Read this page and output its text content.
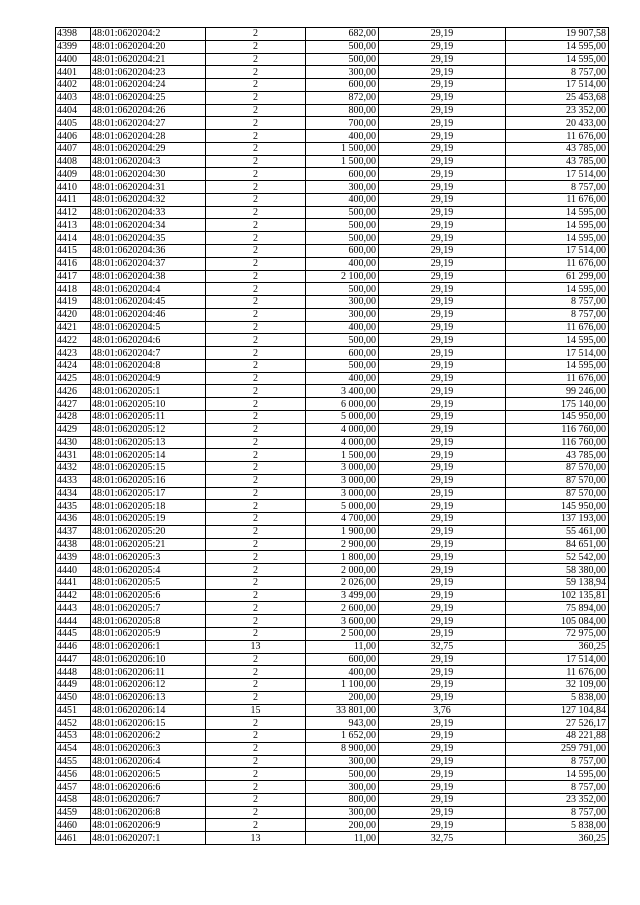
4398	48:01:0620204:2	2	682,00	29,19	19 907,58
4399	48:01:0620204:20	2	500,00	29,19	14 595,00
4400	48:01:0620204:21	2	500,00	29,19	14 595,00
4401	48:01:0620204:23	2	300,00	29,19	8 757,00
4402	48:01:0620204:24	2	600,00	29,19	17 514,00
4403	48:01:0620204:25	2	872,00	29,19	25 453,68
4404	48:01:0620204:26	2	800,00	29,19	23 352,00
4405	48:01:0620204:27	2	700,00	29,19	20 433,00
4406	48:01:0620204:28	2	400,00	29,19	11 676,00
4407	48:01:0620204:29	2	1 500,00	29,19	43 785,00
4408	48:01:0620204:3	2	1 500,00	29,19	43 785,00
4409	48:01:0620204:30	2	600,00	29,19	17 514,00
4410	48:01:0620204:31	2	300,00	29,19	8 757,00
4411	48:01:0620204:32	2	400,00	29,19	11 676,00
4412	48:01:0620204:33	2	500,00	29,19	14 595,00
4413	48:01:0620204:34	2	500,00	29,19	14 595,00
4414	48:01:0620204:35	2	500,00	29,19	14 595,00
4415	48:01:0620204:36	2	600,00	29,19	17 514,00
4416	48:01:0620204:37	2	400,00	29,19	11 676,00
4417	48:01:0620204:38	2	2 100,00	29,19	61 299,00
4418	48:01:0620204:4	2	500,00	29,19	14 595,00
4419	48:01:0620204:45	2	300,00	29,19	8 757,00
4420	48:01:0620204:46	2	300,00	29,19	8 757,00
4421	48:01:0620204:5	2	400,00	29,19	11 676,00
4422	48:01:0620204:6	2	500,00	29,19	14 595,00
4423	48:01:0620204:7	2	600,00	29,19	17 514,00
4424	48:01:0620204:8	2	500,00	29,19	14 595,00
4425	48:01:0620204:9	2	400,00	29,19	11 676,00
4426	48:01:0620205:1	2	3 400,00	29,19	99 246,00
4427	48:01:0620205:10	2	6 000,00	29,19	175 140,00
4428	48:01:0620205:11	2	5 000,00	29,19	145 950,00
4429	48:01:0620205:12	2	4 000,00	29,19	116 760,00
4430	48:01:0620205:13	2	4 000,00	29,19	116 760,00
4431	48:01:0620205:14	2	1 500,00	29,19	43 785,00
4432	48:01:0620205:15	2	3 000,00	29,19	87 570,00
4433	48:01:0620205:16	2	3 000,00	29,19	87 570,00
4434	48:01:0620205:17	2	3 000,00	29,19	87 570,00
4435	48:01:0620205:18	2	5 000,00	29,19	145 950,00
4436	48:01:0620205:19	2	4 700,00	29,19	137 193,00
4437	48:01:0620205:20	2	1 900,00	29,19	55 461,00
4438	48:01:0620205:21	2	2 900,00	29,19	84 651,00
4439	48:01:0620205:3	2	1 800,00	29,19	52 542,00
4440	48:01:0620205:4	2	2 000,00	29,19	58 380,00
4441	48:01:0620205:5	2	2 026,00	29,19	59 138,94
4442	48:01:0620205:6	2	3 499,00	29,19	102 135,81
4443	48:01:0620205:7	2	2 600,00	29,19	75 894,00
4444	48:01:0620205:8	2	3 600,00	29,19	105 084,00
4445	48:01:0620205:9	2	2 500,00	29,19	72 975,00
4446	48:01:0620206:1	13	11,00	32,75	360,25
4447	48:01:0620206:10	2	600,00	29,19	17 514,00
4448	48:01:0620206:11	2	400,00	29,19	11 676,00
4449	48:01:0620206:12	2	1 100,00	29,19	32 109,00
4450	48:01:0620206:13	2	200,00	29,19	5 838,00
4451	48:01:0620206:14	15	33 801,00	3,76	127 104,84
4452	48:01:0620206:15	2	943,00	29,19	27 526,17
4453	48:01:0620206:2	2	1 652,00	29,19	48 221,88
4454	48:01:0620206:3	2	8 900,00	29,19	259 791,00
4455	48:01:0620206:4	2	300,00	29,19	8 757,00
4456	48:01:0620206:5	2	500,00	29,19	14 595,00
4457	48:01:0620206:6	2	300,00	29,19	8 757,00
4458	48:01:0620206:7	2	800,00	29,19	23 352,00
4459	48:01:0620206:8	2	300,00	29,19	8 757,00
4460	48:01:0620206:9	2	200,00	29,19	5 838,00
4461	48:01:0620207:1	13	11,00	32,75	360,25
